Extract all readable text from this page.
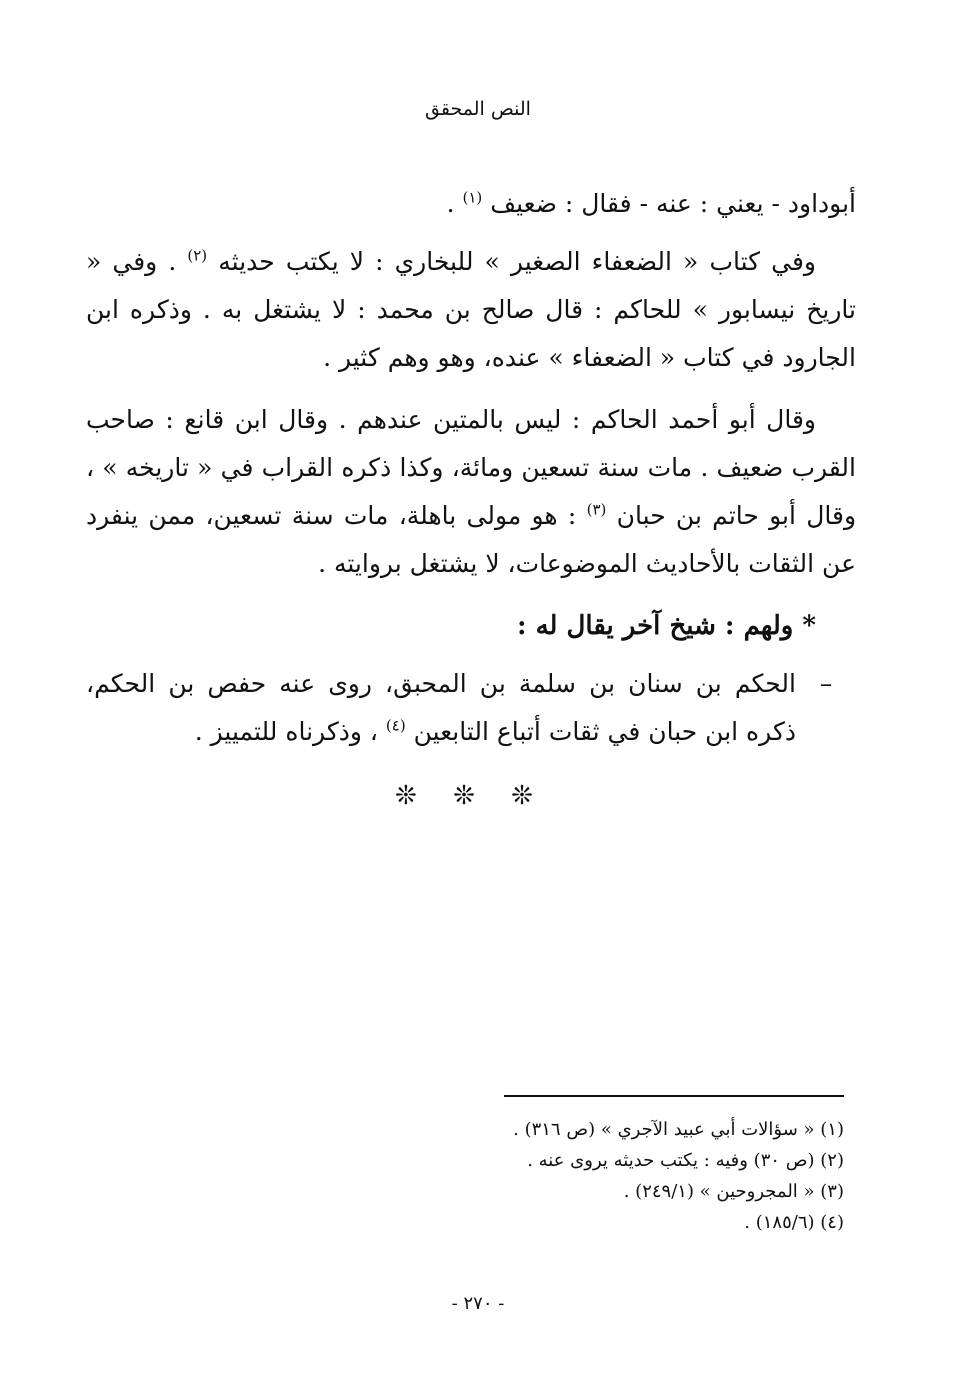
النص المحقق

أبوداود - يعني : عنه - فقال : ضعيف $^{(١)}$ .

وفي كتاب « الضعفاء الصغير » للبخاري : لا يكتب حديثه $^{(٢)}$ . وفي « تاريخ نيسابور » للحاكم : قال صالح بن محمد : لا يشتغل به . وذكره ابن الجارود في كتاب « الضعفاء » عنده، وهو وهم كثير .

وقال أبو أحمد الحاكم : ليس بالمتين عندهم . وقال ابن قانع : صاحب القرب ضعيف . مات سنة تسعين ومائة، وكذا ذكره القراب في « تاريخه » ، وقال أبو حاتم بن حبان $^{(٣)}$ : هو مولى باهلة، مات سنة تسعين، ممن ينفرد عن الثقات بالأحاديث الموضوعات، لا يشتغل بروايته .

* ولهم : شيخ آخر يقال له :
–
الحكم بن سنان بن سلمة بن المحبق، روى عنه حفص بن الحكم، ذكره ابن حبان في ثقات أتباع التابعين $^{(٤)}$ ، وذكرناه للتمييز .
❊ ❊ ❊

(١) « سؤالات أبي عبيد الآجري » (ص ٣١٦) .

(٢) (ص ٣٠) وفيه : يكتب حديثه يروى عنه .

(٣) « المجروحين » (٢٤٩/١) .

(٤) (١٨٥/٦) .

- ٢٧٠ -
